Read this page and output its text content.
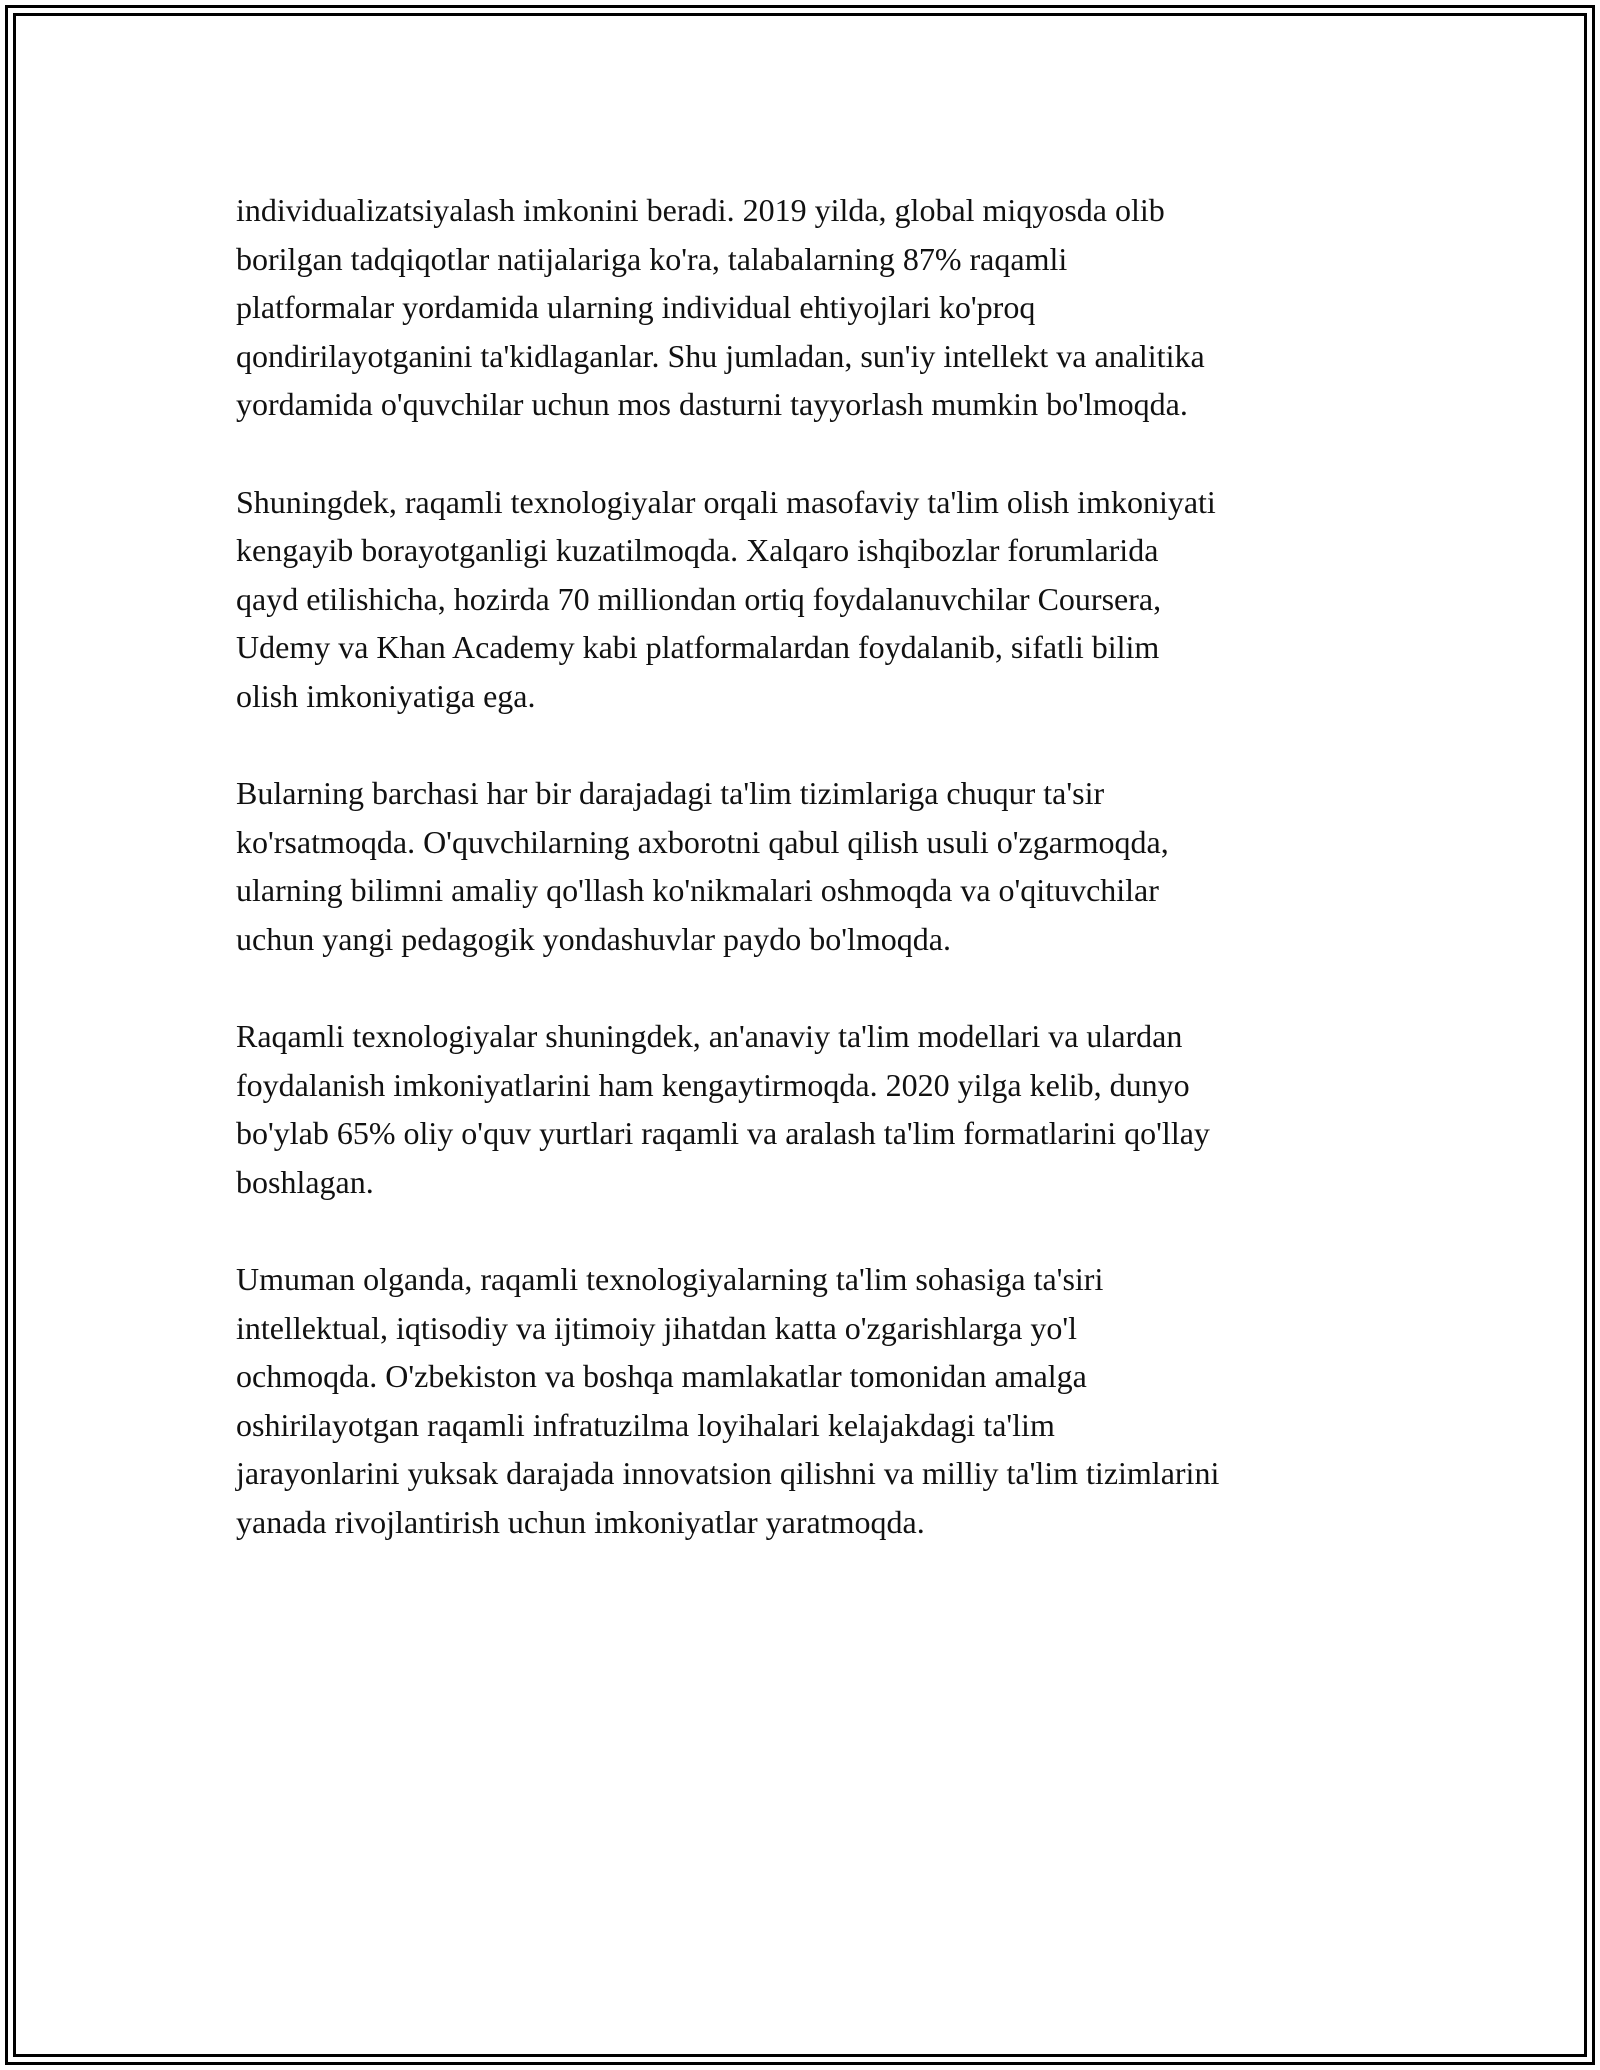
individualizatsiyalash imkonini beradi. 2019 yilda, global miqyosda olib
borilgan tadqiqotlar natijalariga ko'ra, talabalarning 87% raqamli
platformalar yordamida ularning individual ehtiyojlari ko'proq
qondirilayotganini ta'kidlaganlar. Shu jumladan, sun'iy intellekt va analitika
yordamida o'quvchilar uchun mos dasturni tayyorlash mumkin bo'lmoqda.

Shuningdek, raqamli texnologiyalar orqali masofaviy ta'lim olish imkoniyati
kengayib borayotganligi kuzatilmoqda. Xalqaro ishqibozlar forumlarida
qayd etilishicha, hozirda 70 milliondan ortiq foydalanuvchilar Coursera,
Udemy va Khan Academy kabi platformalardan foydalanib, sifatli bilim
olish imkoniyatiga ega.

Bularning barchasi har bir darajadagi ta'lim tizimlariga chuqur ta'sir
ko'rsatmoqda. O'quvchilarning axborotni qabul qilish usuli o'zgarmoqda,
ularning bilimni amaliy qo'llash ko'nikmalari oshmoqda va o'qituvchilar
uchun yangi pedagogik yondashuvlar paydo bo'lmoqda.

Raqamli texnologiyalar shuningdek, an'anaviy ta'lim modellari va ulardan
foydalanish imkoniyatlarini ham kengaytirmoqda. 2020 yilga kelib, dunyo
bo'ylab 65% oliy o'quv yurtlari raqamli va aralash ta'lim formatlarini qo'llay
boshlagan.

Umuman olganda, raqamli texnologiyalarning ta'lim sohasiga ta'siri
intellektual, iqtisodiy va ijtimoiy jihatdan katta o'zgarishlarga yo'l
ochmoqda. O'zbekiston va boshqa mamlakatlar tomonidan amalga
oshirilayotgan raqamli infratuzilma loyihalari kelajakdagi ta'lim
jarayonlarini yuksak darajada innovatsion qilishni va milliy ta'lim tizimlarini
yanada rivojlantirish uchun imkoniyatlar yaratmoqda.
